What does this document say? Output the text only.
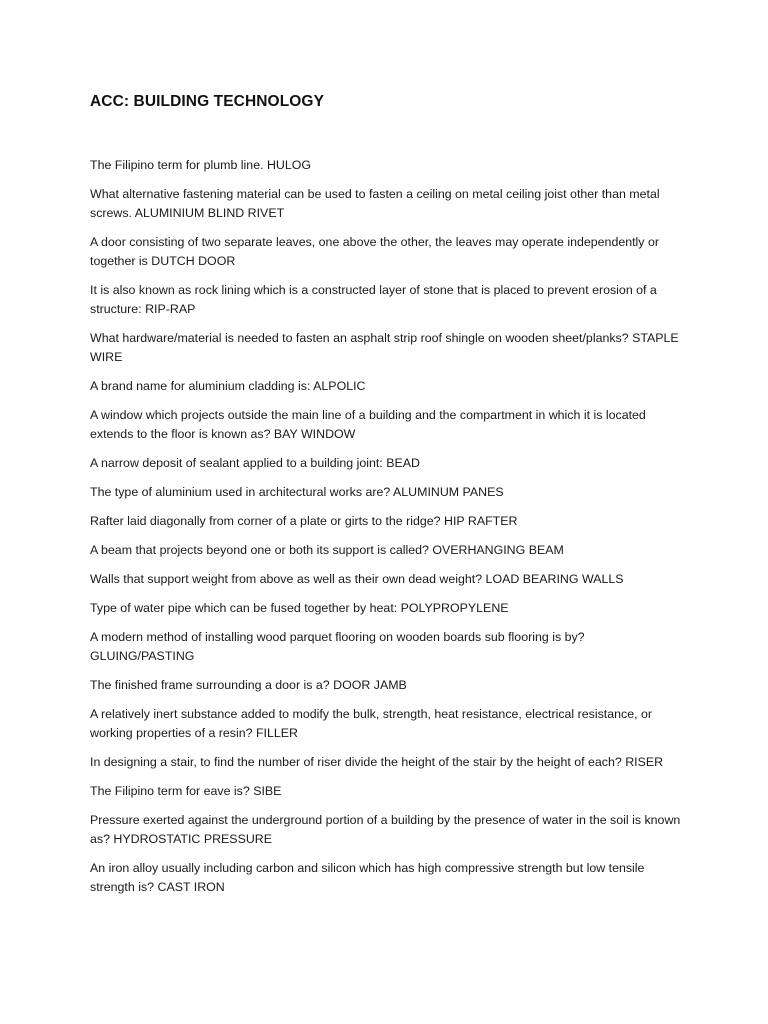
ACC: BUILDING TECHNOLOGY
The Filipino term for plumb line. HULOG
What alternative fastening material can be used to fasten a ceiling on metal ceiling joist other than metal screws. ALUMINIUM BLIND RIVET
A door consisting of two separate leaves, one above the other, the leaves may operate independently or together is DUTCH DOOR
It is also known as rock lining which is a constructed layer of stone that is placed to prevent erosion of a structure: RIP-RAP
What hardware/material is needed to fasten an asphalt strip roof shingle on wooden sheet/planks? STAPLE WIRE
A brand name for aluminium cladding is: ALPOLIC
A window which projects outside the main line of a building and the compartment in which it is located extends to the floor is known as? BAY WINDOW
A narrow deposit of sealant applied to a building joint: BEAD
The type of aluminium used in architectural works are? ALUMINUM PANES
Rafter laid diagonally from corner of a plate or girts to the ridge? HIP RAFTER
A beam that projects beyond one or both its support is called? OVERHANGING BEAM
Walls that support weight from above as well as their own dead weight? LOAD BEARING WALLS
Type of water pipe which can be fused together by heat: POLYPROPYLENE
A modern method of installing wood parquet flooring on wooden boards sub flooring is by? GLUING/PASTING
The finished frame surrounding a door is a? DOOR JAMB
A relatively inert substance added to modify the bulk, strength, heat resistance, electrical resistance, or working properties of a resin? FILLER
In designing a stair, to find the number of riser divide the height of the stair by the height of each? RISER
The Filipino term for eave is? SIBE
Pressure exerted against the underground portion of a building by the presence of water in the soil is known as? HYDROSTATIC PRESSURE
An iron alloy usually including carbon and silicon which has high compressive strength but low tensile strength is? CAST IRON
